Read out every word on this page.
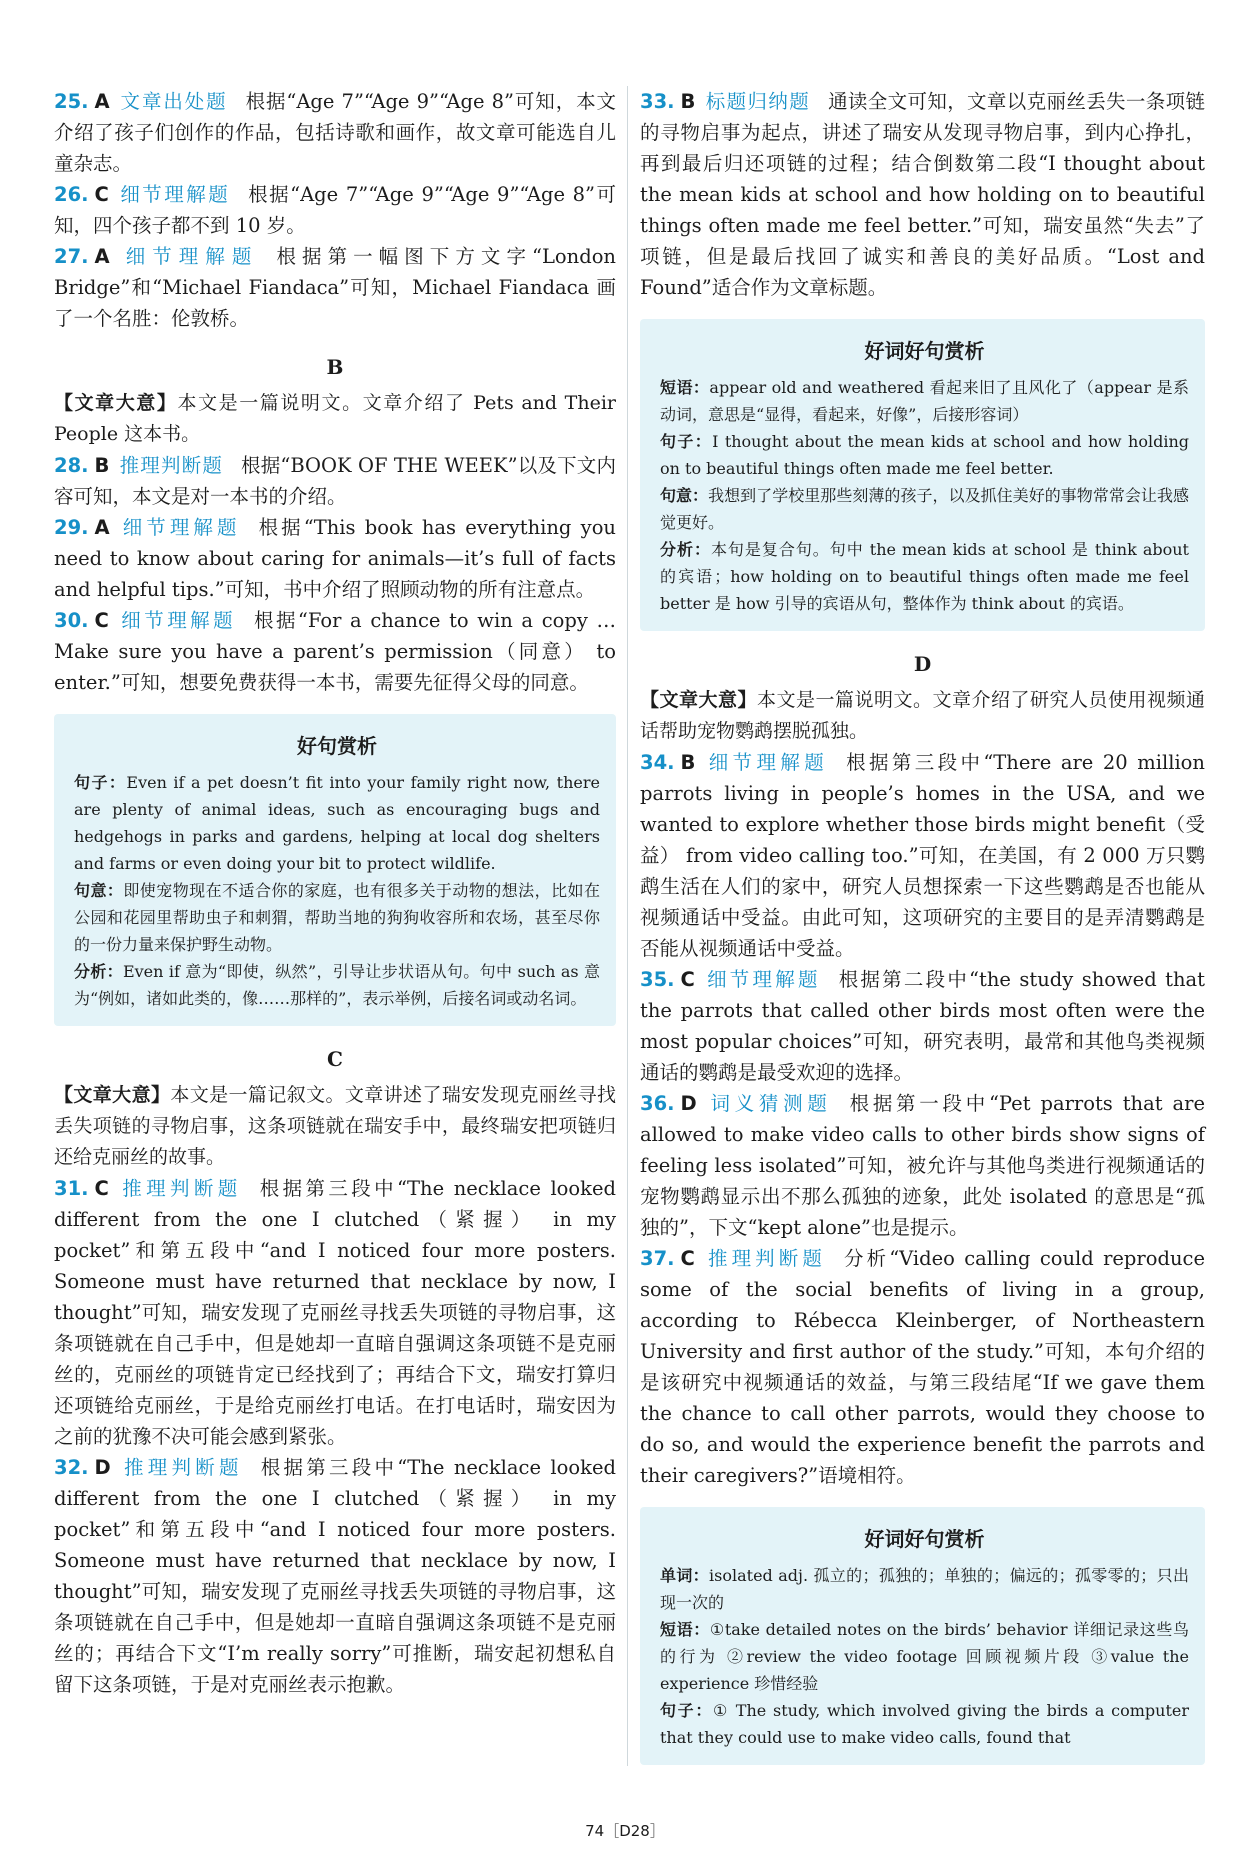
25. A 文章出处题 根据“Age 7”“Age 9”“Age 8”可知，本文介绍了孩子们创作的作品，包括诗歌和画作，故文章可能选自儿童杂志。

26. C 细节理解题 根据“Age 7”“Age 9”“Age 9”“Age 8”可知，四个孩子都不到 10 岁。

27. A 细节理解题 根据第一幅图下方文字“London Bridge”和“Michael Fiandaca”可知，Michael Fiandaca 画了一个名胜：伦敦桥。

B

【文章大意】本文是一篇说明文。文章介绍了 Pets and Their People 这本书。

28. B 推理判断题 根据“BOOK OF THE WEEK”以及下文内容可知，本文是对一本书的介绍。

29. A 细节理解题 根据“This book has everything you need to know about caring for animals—it’s full of facts and helpful tips.”可知，书中介绍了照顾动物的所有注意点。

30. C 细节理解题 根据“For a chance to win a copy … Make sure you have a parent’s permission（同意） to enter.”可知，想要免费获得一本书，需要先征得父母的同意。

好句赏析

句子：Even if a pet doesn’t fit into your family right now, there are plenty of animal ideas, such as encouraging bugs and hedgehogs in parks and gardens, helping at local dog shelters and farms or even doing your bit to protect wildlife.

句意：即使宠物现在不适合你的家庭，也有很多关于动物的想法，比如在公园和花园里帮助虫子和刺猬，帮助当地的狗狗收容所和农场，甚至尽你的一份力量来保护野生动物。

分析：Even if 意为“即使，纵然”，引导让步状语从句。句中 such as 意为“例如，诸如此类的，像……那样的”，表示举例，后接名词或动名词。

C

【文章大意】本文是一篇记叙文。文章讲述了瑞安发现克丽丝寻找丢失项链的寻物启事，这条项链就在瑞安手中，最终瑞安把项链归还给克丽丝的故事。

31. C 推理判断题 根据第三段中“The necklace looked different from the one I clutched（紧握） in my pocket”和第五段中“and I noticed four more posters. Someone must have returned that necklace by now, I thought”可知，瑞安发现了克丽丝寻找丢失项链的寻物启事，这条项链就在自己手中，但是她却一直暗自强调这条项链不是克丽丝的，克丽丝的项链肯定已经找到了；再结合下文，瑞安打算归还项链给克丽丝，于是给克丽丝打电话。在打电话时，瑞安因为之前的犹豫不决可能会感到紧张。

32. D 推理判断题 根据第三段中“The necklace looked different from the one I clutched（紧握） in my pocket”和第五段中“and I noticed four more posters. Someone must have returned that necklace by now, I thought”可知，瑞安发现了克丽丝寻找丢失项链的寻物启事，这条项链就在自己手中，但是她却一直暗自强调这条项链不是克丽丝的；再结合下文“I’m really sorry”可推断，瑞安起初想私自留下这条项链，于是对克丽丝表示抱歉。

33. B 标题归纳题 通读全文可知，文章以克丽丝丢失一条项链的寻物启事为起点，讲述了瑞安从发现寻物启事，到内心挣扎，再到最后归还项链的过程；结合倒数第二段“I thought about the mean kids at school and how holding on to beautiful things often made me feel better.”可知，瑞安虽然“失去”了项链，但是最后找回了诚实和善良的美好品质。“Lost and Found”适合作为文章标题。

好词好句赏析

短语：appear old and weathered 看起来旧了且风化了（appear 是系动词，意思是“显得，看起来，好像”，后接形容词）

句子：I thought about the mean kids at school and how holding on to beautiful things often made me feel better.

句意：我想到了学校里那些刻薄的孩子，以及抓住美好的事物常常会让我感觉更好。

分析：本句是复合句。句中 the mean kids at school 是 think about 的宾语；how holding on to beautiful things often made me feel better 是 how 引导的宾语从句，整体作为 think about 的宾语。

D

【文章大意】本文是一篇说明文。文章介绍了研究人员使用视频通话帮助宠物鹦鹉摆脱孤独。

34. B 细节理解题 根据第三段中“There are 20 million parrots living in people’s homes in the USA, and we wanted to explore whether those birds might benefit（受益） from video calling too.”可知，在美国，有 2 000 万只鹦鹉生活在人们的家中，研究人员想探索一下这些鹦鹉是否也能从视频通话中受益。由此可知，这项研究的主要目的是弄清鹦鹉是否能从视频通话中受益。

35. C 细节理解题 根据第二段中“the study showed that the parrots that called other birds most often were the most popular choices”可知，研究表明，最常和其他鸟类视频通话的鹦鹉是最受欢迎的选择。

36. D 词义猜测题 根据第一段中“Pet parrots that are allowed to make video calls to other birds show signs of feeling less isolated”可知，被允许与其他鸟类进行视频通话的宠物鹦鹉显示出不那么孤独的迹象，此处 isolated 的意思是“孤独的”，下文“kept alone”也是提示。

37. C 推理判断题 分析“Video calling could reproduce some of the social benefits of living in a group, according to Rébecca Kleinberger, of Northeastern University and first author of the study.”可知，本句介绍的是该研究中视频通话的效益，与第三段结尾“If we gave them the chance to call other parrots, would they choose to do so, and would the experience benefit the parrots and their caregivers?”语境相符。

好词好句赏析

单词：isolated adj. 孤立的；孤独的；单独的；偏远的；孤零零的；只出现一次的

短语：①take detailed notes on the birds’ behavior 详细记录这些鸟的行为 ②review the video footage 回顾视频片段 ③value the experience 珍惜经验

句子：① The study, which involved giving the birds a computer that they could use to make video calls, found that

74［D28］
